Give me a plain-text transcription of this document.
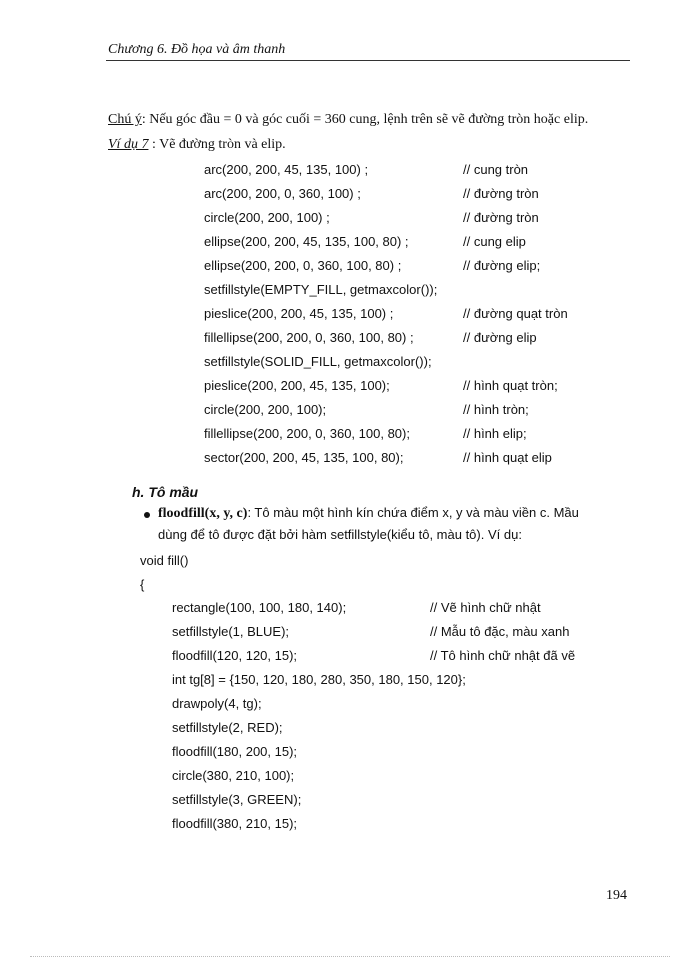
Chương 6. Đồ họa và âm thanh
Chú ý: Nếu góc đầu = 0 và góc cuối = 360 cung, lệnh trên sẽ vẽ đường tròn hoặc elip.
Ví dụ 7 : Vẽ đường tròn và elip.
arc(200, 200, 45, 135, 100) ;	// cung tròn
arc(200, 200, 0, 360, 100) ;	// đường tròn
circle(200, 200, 100) ;	// đường tròn
ellipse(200, 200, 45, 135, 100, 80) ;	// cung elip
ellipse(200, 200, 0, 360, 100, 80) ;	// đường elip;
setfillstyle(EMPTY_FILL, getmaxcolor());
pieslice(200, 200, 45, 135, 100) ;	// đường quạt tròn
fillellipse(200, 200, 0, 360, 100, 80) ;	// đường elip
setfillstyle(SOLID_FILL, getmaxcolor());
pieslice(200, 200, 45, 135, 100);	// hình quạt tròn;
circle(200, 200, 100);	// hình tròn;
fillellipse(200, 200, 0, 360, 100, 80);	// hình elip;
sector(200, 200, 45, 135, 100, 80);	// hình quạt elip
h. Tô mầu
floodfill(x, y, c): Tô màu một hình kín chứa điểm x, y và màu viền c. Mầu
dùng để tô được đặt bởi hàm setfillstyle(kiểu tô, màu tô). Ví dụ:
void fill()
{
rectangle(100, 100, 180, 140);	// Vẽ hình chữ nhật
setfillstyle(1, BLUE);	// Mẫu tô đặc, màu xanh
floodfill(120, 120, 15);	// Tô hình chữ nhật đã vẽ
int tg[8] = {150, 120, 180, 280, 350, 180, 150, 120};
drawpoly(4, tg);
setfillstyle(2, RED);
floodfill(180, 200, 15);
circle(380, 210, 100);
setfillstyle(3, GREEN);
floodfill(380, 210, 15);
194
